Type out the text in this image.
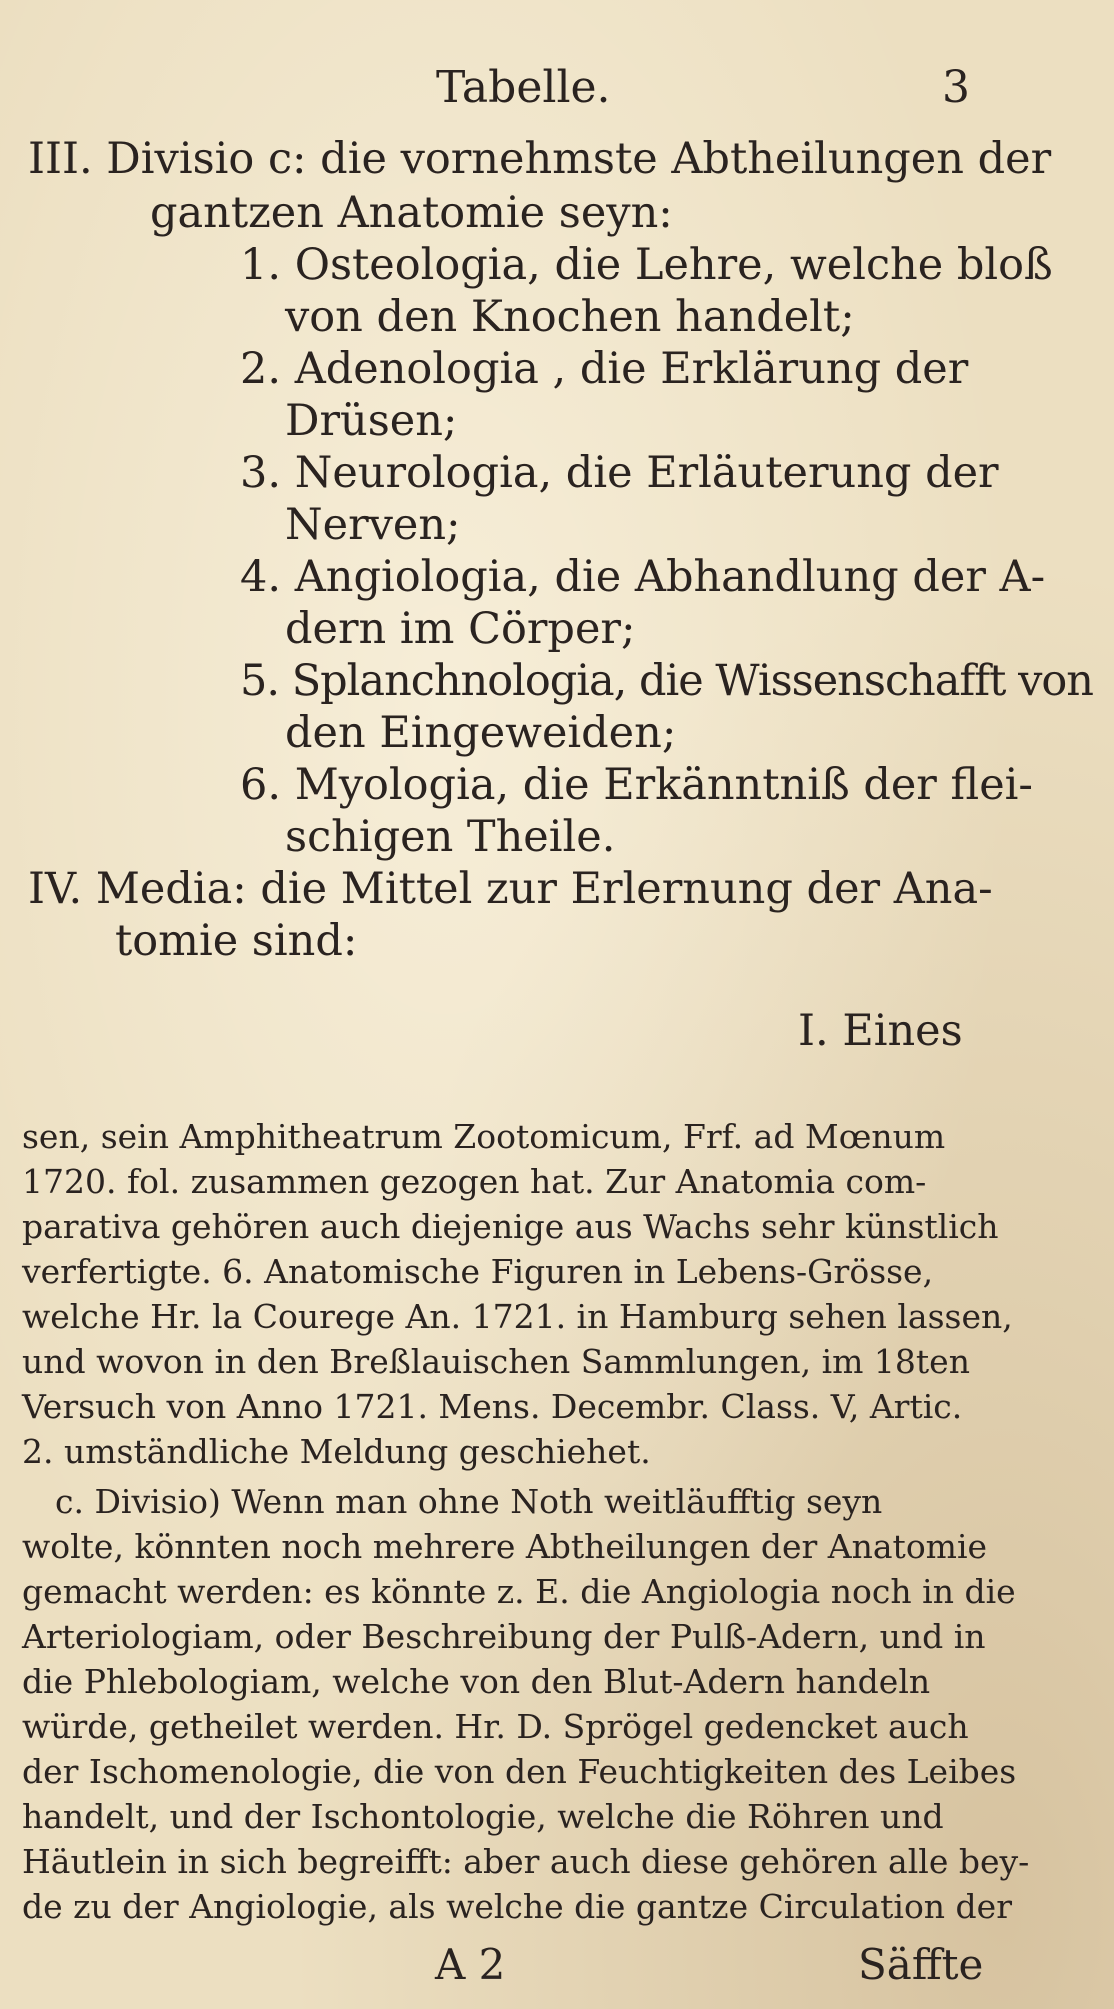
Tabelle.	3
III. Divisio c: die vornehmste Abtheilungen der
gantzen Anatomie seyn:
1. Osteologia, die Lehre, welche bloß
von den Knochen handelt;
2. Adenologia , die Erklärung der
Drüsen;
3. Neurologia, die Erläuterung der
Nerven;
4. Angiologia, die Abhandlung der A-
dern im Cörper;
5. Splanchnologia, die Wissenschafft von
den Eingeweiden;
6. Myologia, die Erkänntniß der flei-
schigen Theile.
IV. Media: die Mittel zur Erlernung der Ana-
tomie sind:
I. Eines
sen, sein Amphitheatrum Zootomicum, Frf. ad Mœnum
1720. fol. zusammen gezogen hat. Zur Anatomia com-
parativa gehören auch diejenige aus Wachs sehr künstlich
verfertigte. 6. Anatomische Figuren in Lebens-Grösse,
welche Hr. la Courege An. 1721. in Hamburg sehen lassen,
und wovon in den Breßlauischen Sammlungen, im 18ten
Versuch von Anno 1721. Mens. Decembr. Class. V, Artic.
2. umständliche Meldung geschiehet.
c. Divisio) Wenn man ohne Noth weitläufftig seyn
wolte, könnten noch mehrere Abtheilungen der Anatomie
gemacht werden: es könnte z. E. die Angiologia noch in die
Arteriologiam, oder Beschreibung der Pulß-Adern, und in
die Phlebologiam, welche von den Blut-Adern handeln
würde, getheilet werden. Hr. D. Sprögel gedencket auch
der Ischomenologie, die von den Feuchtigkeiten des Leibes
handelt, und der Ischontologie, welche die Röhren und
Häutlein in sich begreifft: aber auch diese gehören alle bey-
de zu der Angiologie, als welche die gantze Circulation der
A 2	Säffte
